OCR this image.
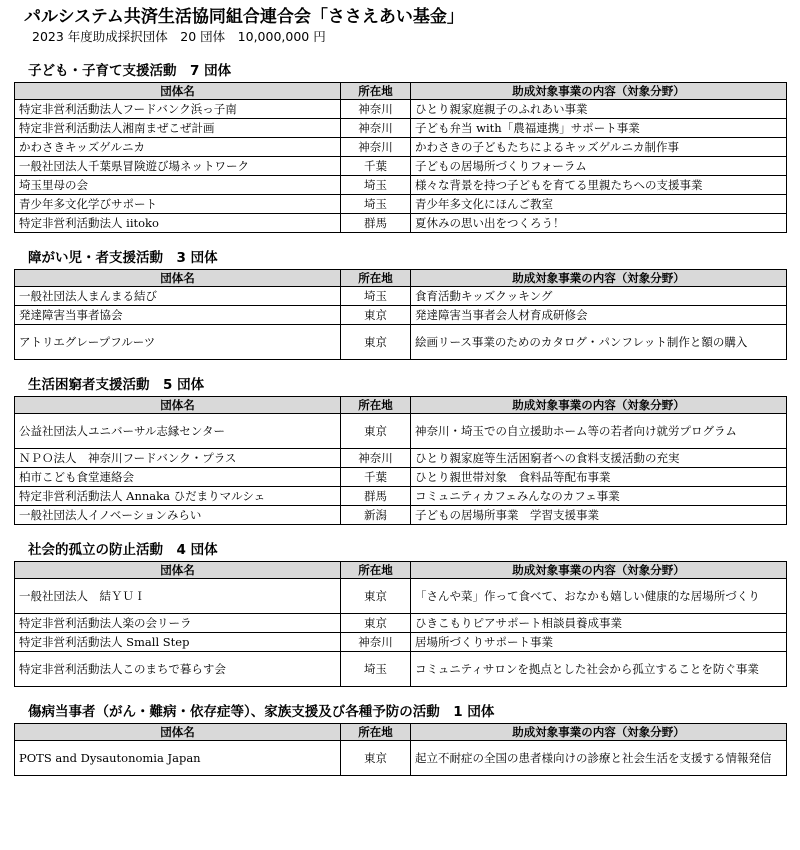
パルシステム共済生活協同組合連合会「ささえあい基金」
2023 年度助成採択団体　20 団体　10,000,000 円
子ども・子育て支援活動　7 団体
団体名	所在地	助成対象事業の内容（対象分野）
特定非営利活動法人フードバンク浜っ子南	神奈川	ひとり親家庭親子のふれあい事業
特定非営利活動法人湘南まぜこぜ計画	神奈川	子ども弁当 with「農福連携」サポート事業
かわさきキッズゲルニカ	神奈川	かわさきの子どもたちによるキッズゲルニカ制作事
一般社団法人千葉県冒険遊び場ネットワーク	千葉	子どもの居場所づくりフォーラム
埼玉里母の会	埼玉	様々な背景を持つ子どもを育てる里親たちへの支援事業
青少年多文化学びサポート	埼玉	青少年多文化にほんご教室
特定非営利活動法人 iitoko	群馬	夏休みの思い出をつくろう！
障がい児・者支援活動　3 団体
団体名	所在地	助成対象事業の内容（対象分野）
一般社団法人まんまる結び	埼玉	食育活動キッズクッキング
発達障害当事者協会	東京	発達障害当事者会人材育成研修会
アトリエグレープフルーツ	東京	絵画リース事業のためのカタログ・パンフレット制作と額の購入
生活困窮者支援活動　5 団体
団体名	所在地	助成対象事業の内容（対象分野）
公益社団法人ユニバーサル志縁センター	東京	神奈川・埼玉での自立援助ホーム等の若者向け就労プログラム
ＮＰＯ法人　神奈川フードバンク・プラス	神奈川	ひとり親家庭等生活困窮者への食料支援活動の充実
柏市こども食堂連絡会	千葉	ひとり親世帯対象　食料品等配布事業
特定非営利活動法人 Annaka ひだまりマルシェ	群馬	コミュニティカフェみんなのカフェ事業
一般社団法人イノベーションみらい	新潟	子どもの居場所事業　学習支援事業
社会的孤立の防止活動　4 団体
団体名	所在地	助成対象事業の内容（対象分野）
一般社団法人　結ＹＵＩ	東京	「さんや菜」作って食べて、おなかも嬉しい健康的な居場所づくり
特定非営利活動法人楽の会リーラ	東京	ひきこもりピアサポート相談員養成事業
特定非営利活動法人 Small Step	神奈川	居場所づくりサポート事業
特定非営利活動法人このまちで暮らす会	埼玉	コミュニティサロンを拠点とした社会から孤立することを防ぐ事業
傷病当事者（がん・難病・依存症等）、家族支援及び各種予防の活動　1 団体
団体名	所在地	助成対象事業の内容（対象分野）
POTS and Dysautonomia Japan	東京	起立不耐症の全国の患者様向けの診療と社会生活を支援する情報発信
